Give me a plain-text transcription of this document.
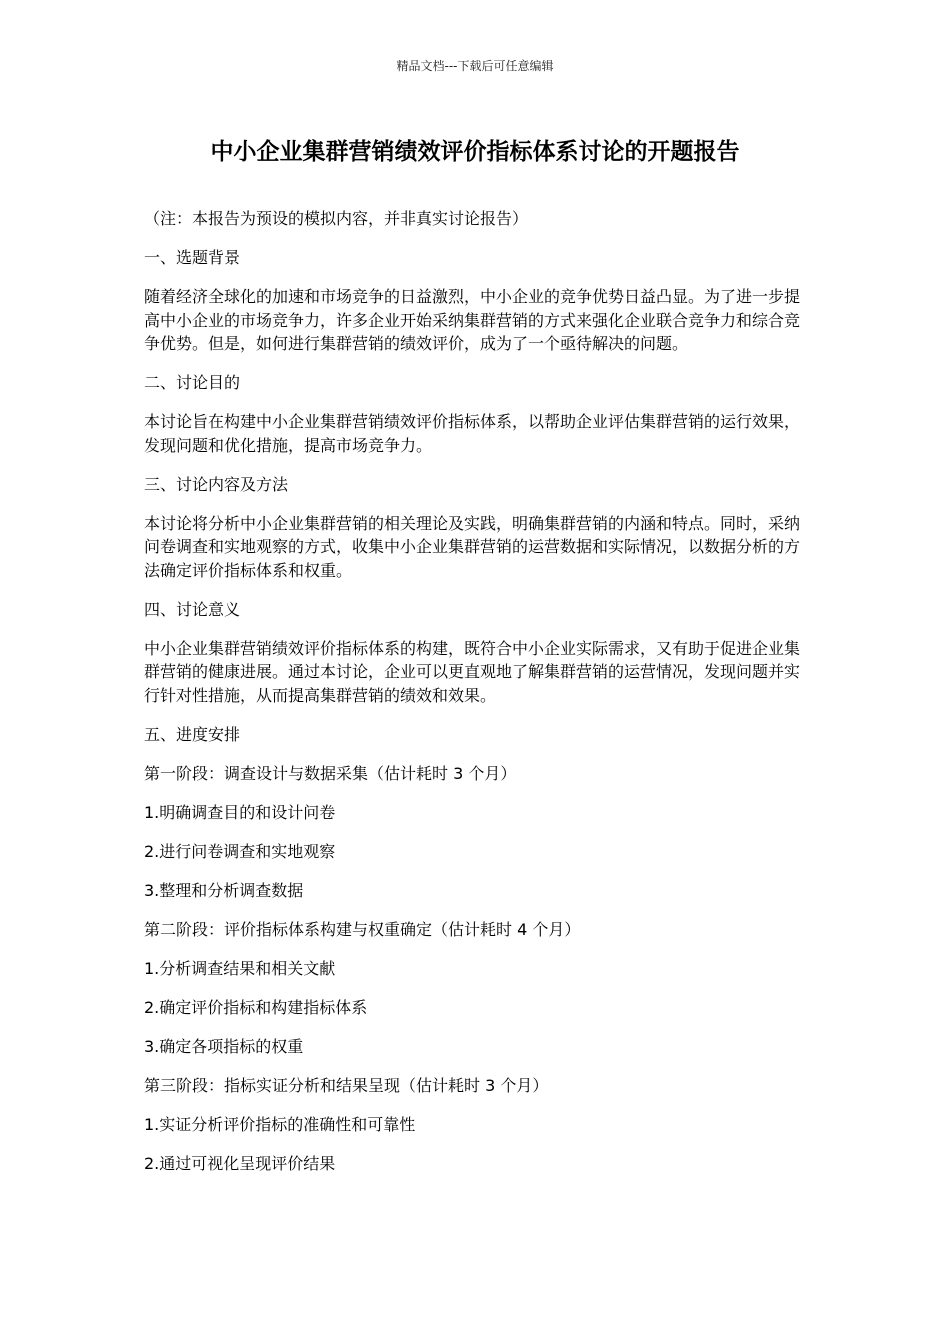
精品文档---下载后可任意编辑
中小企业集群营销绩效评价指标体系讨论的开题报告

（注：本报告为预设的模拟内容，并非真实讨论报告）

一、选题背景

随着经济全球化的加速和市场竞争的日益激烈，中小企业的竞争优势日益凸显。为了进一步提高中小企业的市场竞争力，许多企业开始采纳集群营销的方式来强化企业联合竞争力和综合竞争优势。但是，如何进行集群营销的绩效评价，成为了一个亟待解决的问题。

二、讨论目的

本讨论旨在构建中小企业集群营销绩效评价指标体系，以帮助企业评估集群营销的运行效果，发现问题和优化措施，提高市场竞争力。

三、讨论内容及方法

本讨论将分析中小企业集群营销的相关理论及实践，明确集群营销的内涵和特点。同时，采纳问卷调查和实地观察的方式，收集中小企业集群营销的运营数据和实际情况，以数据分析的方法确定评价指标体系和权重。

四、讨论意义

中小企业集群营销绩效评价指标体系的构建，既符合中小企业实际需求，又有助于促进企业集群营销的健康进展。通过本讨论，企业可以更直观地了解集群营销的运营情况，发现问题并实行针对性措施，从而提高集群营销的绩效和效果。

五、进度安排

第一阶段：调查设计与数据采集（估计耗时 3 个月）

1.明确调查目的和设计问卷

2.进行问卷调查和实地观察

3.整理和分析调查数据

第二阶段：评价指标体系构建与权重确定（估计耗时 4 个月）

1.分析调查结果和相关文献

2.确定评价指标和构建指标体系

3.确定各项指标的权重

第三阶段：指标实证分析和结果呈现（估计耗时 3 个月）

1.实证分析评价指标的准确性和可靠性

2.通过可视化呈现评价结果
